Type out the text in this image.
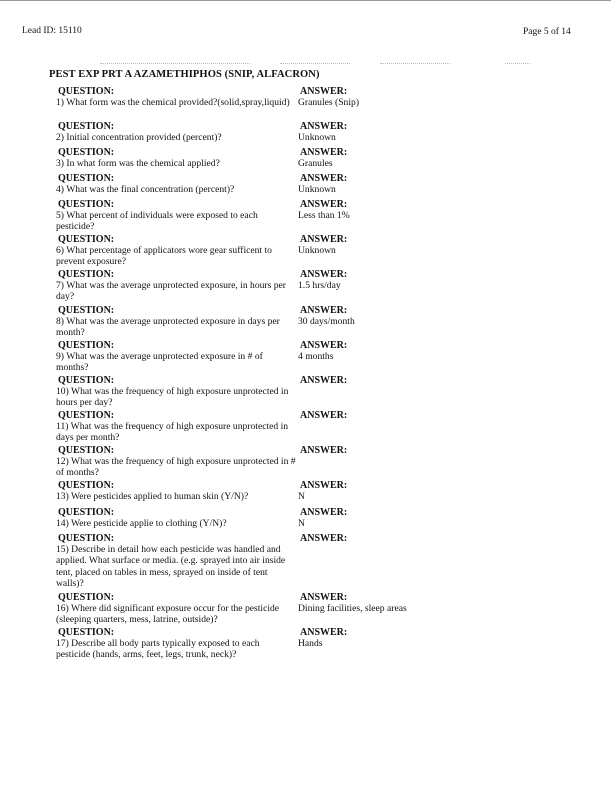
Lead ID: 15110	Page 5 of 14
PEST EXP PRT A AZAMETHIPHOS (SNIP, ALFACRON)
QUESTION:
1) What form was the chemical provided?(solid,spray,liquid)
ANSWER:
Granules (Snip)
QUESTION:
2) Initial concentration provided (percent)?
ANSWER:
Unknown
QUESTION:
3) In what form was the chemical applied?
ANSWER:
Granules
QUESTION:
4) What was the final concentration (percent)?
ANSWER:
Unknown
QUESTION:
5) What percent of individuals were exposed to each pesticide?
ANSWER:
Less than 1%
QUESTION:
6) What percentage of applicators wore gear sufficent to prevent exposure?
ANSWER:
Unknown
QUESTION:
7) What was the average unprotected exposure, in hours per day?
ANSWER:
1.5 hrs/day
QUESTION:
8) What was the average unprotected exposure in days per month?
ANSWER:
30 days/month
QUESTION:
9) What was the average unprotected exposure in # of months?
ANSWER:
4 months
QUESTION:
10) What was the frequency of high exposure unprotected in hours per day?
ANSWER:
QUESTION:
11) What was the frequency of high exposure unprotected in days per month?
ANSWER:
QUESTION:
12) What was the frequency of high exposure unprotected in # of months?
ANSWER:
QUESTION:
13) Were pesticides applied to human skin (Y/N)?
ANSWER:
N
QUESTION:
14) Were pesticide applie to clothing (Y/N)?
ANSWER:
N
QUESTION:
15) Describe in detail how each pesticide was handled and applied. What surface or media. (e.g. sprayed into air inside tent, placed on tables in mess, sprayed on inside of tent walls)?
ANSWER:
QUESTION:
16) Where did significant exposure occur for the pesticide (sleeping quarters, mess, latrine, outside)?
ANSWER:
Dining facilities, sleep areas
QUESTION:
17) Describe all body parts typically exposed to each pesticide (hands, arms, feet, legs, trunk, neck)?
ANSWER:
Hands
